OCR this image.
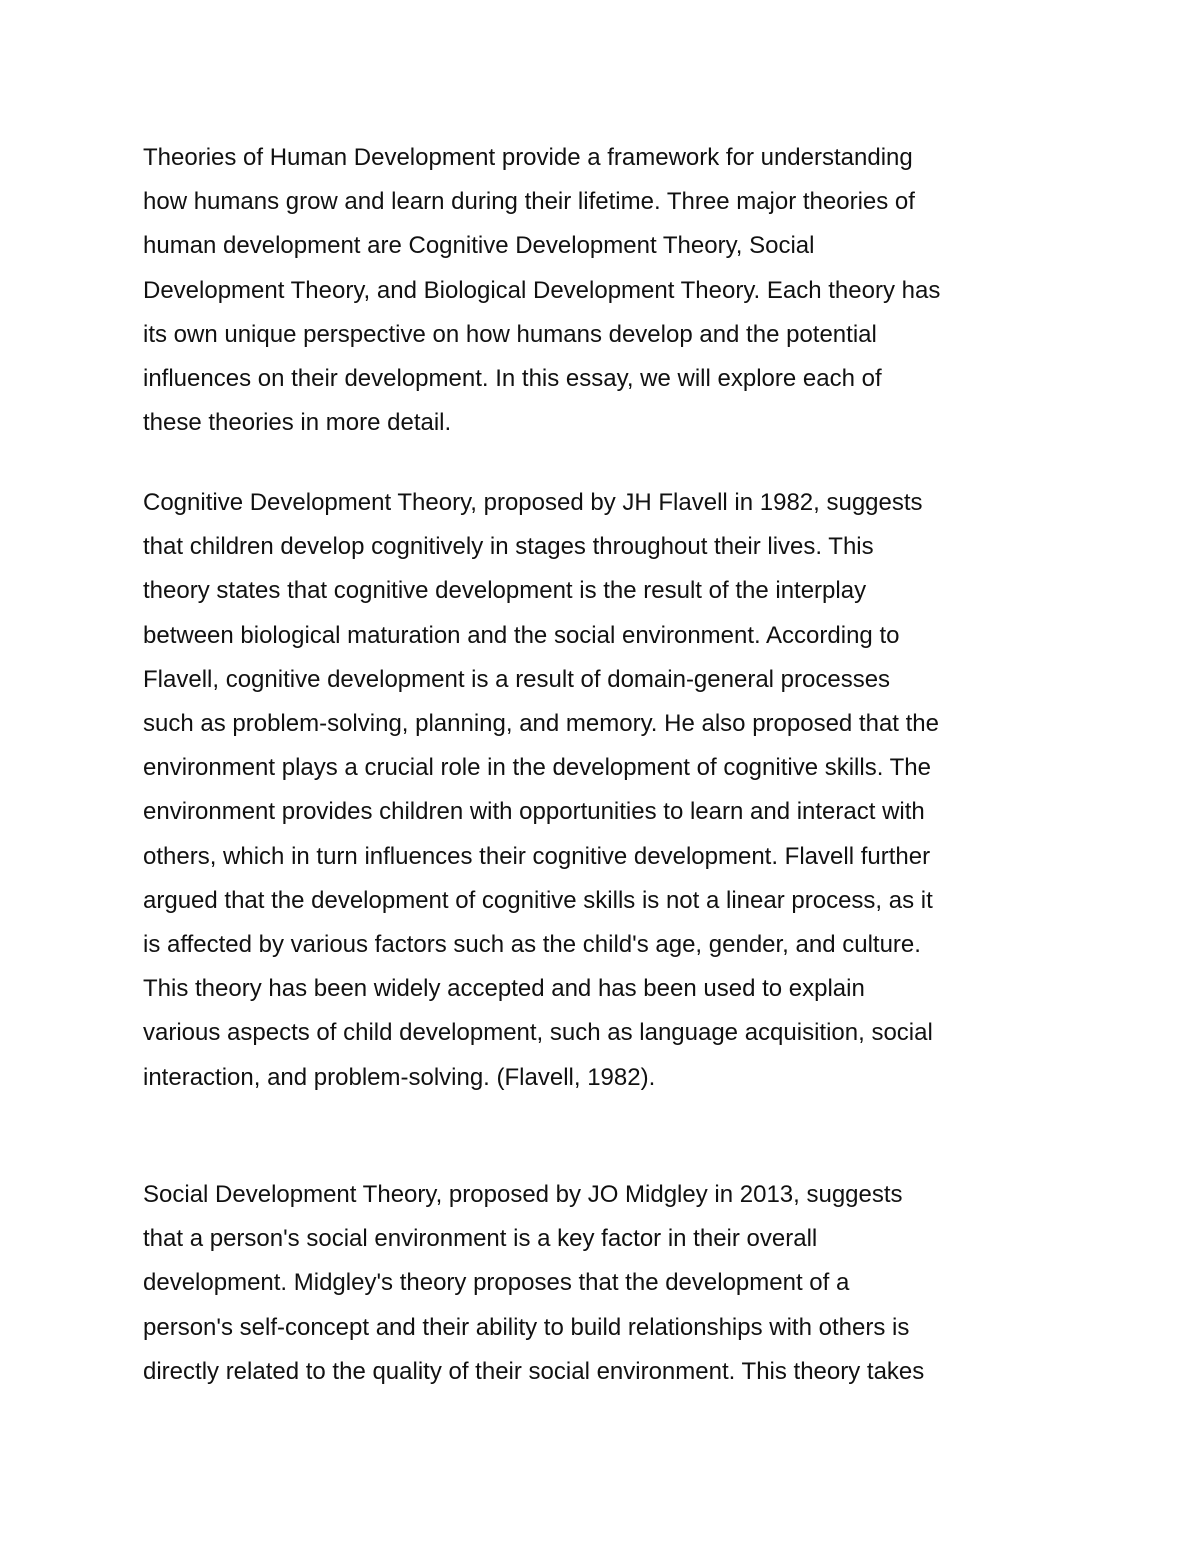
Theories of Human Development provide a framework for understanding
how humans grow and learn during their lifetime. Three major theories of
human development are Cognitive Development Theory, Social
Development Theory, and Biological Development Theory. Each theory has
its own unique perspective on how humans develop and the potential
influences on their development. In this essay, we will explore each of
these theories in more detail.

Cognitive Development Theory, proposed by JH Flavell in 1982, suggests
that children develop cognitively in stages throughout their lives. This
theory states that cognitive development is the result of the interplay
between biological maturation and the social environment. According to
Flavell, cognitive development is a result of domain-general processes
such as problem-solving, planning, and memory. He also proposed that the
environment plays a crucial role in the development of cognitive skills. The
environment provides children with opportunities to learn and interact with
others, which in turn influences their cognitive development. Flavell further
argued that the development of cognitive skills is not a linear process, as it
is affected by various factors such as the child's age, gender, and culture.
This theory has been widely accepted and has been used to explain
various aspects of child development, such as language acquisition, social
interaction, and problem-solving. (Flavell, 1982).

Social Development Theory, proposed by JO Midgley in 2013, suggests
that a person's social environment is a key factor in their overall
development. Midgley's theory proposes that the development of a
person's self-concept and their ability to build relationships with others is
directly related to the quality of their social environment. This theory takes
